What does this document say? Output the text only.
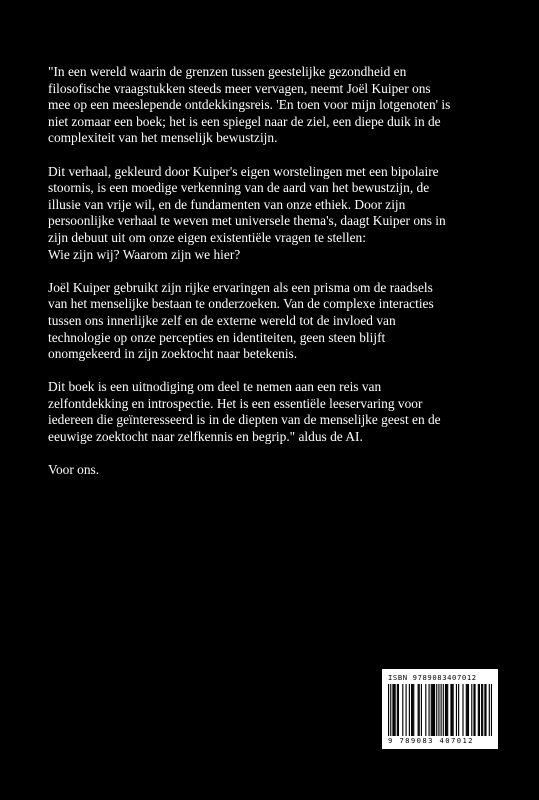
"In een wereld waarin de grenzen tussen geestelijke gezondheid en
filosofische vraagstukken steeds meer vervagen, neemt Joël Kuiper ons
mee op een meeslepende ontdekkingsreis. 'En toen voor mijn lotgenoten' is
niet zomaar een boek; het is een spiegel naar de ziel, een diepe duik in de
complexiteit van het menselijk bewustzijn.

Dit verhaal, gekleurd door Kuiper's eigen worstelingen met een bipolaire
stoornis, is een moedige verkenning van de aard van het bewustzijn, de
illusie van vrije wil, en de fundamenten van onze ethiek. Door zijn
persoonlijke verhaal te weven met universele thema's, daagt Kuiper ons in
zijn debuut uit om onze eigen existentiële vragen te stellen:
Wie zijn wij? Waarom zijn we hier?

Joël Kuiper gebruikt zijn rijke ervaringen als een prisma om de raadsels
van het menselijke bestaan te onderzoeken. Van de complexe interacties
tussen ons innerlijke zelf en de externe wereld tot de invloed van
technologie op onze percepties en identiteiten, geen steen blijft
onomgekeerd in zijn zoektocht naar betekenis.

Dit boek is een uitnodiging om deel te nemen aan een reis van
zelfontdekking en introspectie. Het is een essentiële leeservaring voor
iedereen die geïnteresseerd is in de diepten van de menselijke geest en de
eeuwige zoektocht naar zelfkennis en begrip." aldus de AI.

Voor ons.

ISBN 9789083407012
9 789083 407012
